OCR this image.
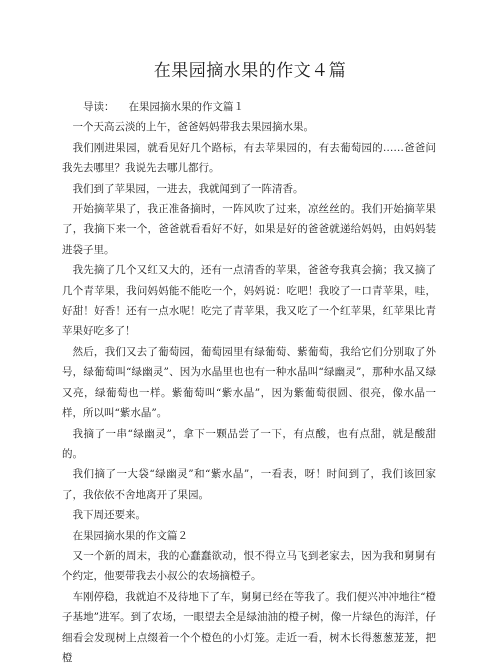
在果园摘水果的作文４篇

导读： 在果园摘水果的作文篇１

一个天高云淡的上午，爸爸妈妈带我去果园摘水果。

我们刚进果园，就看见好几个路标，有去苹果园的，有去葡萄园的……爸爸问我先去哪里？我说先去哪儿都行。

我们到了苹果园，一进去，我就闻到了一阵清香。

开始摘苹果了，我正准备摘时，一阵风吹了过来，凉丝丝的。我们开始摘苹果了，我摘下来一个，爸爸就看看好不好，如果是好的爸爸就递给妈妈，由妈妈装进袋子里。

我先摘了几个又红又大的，还有一点清香的苹果，爸爸夸我真会摘；我又摘了几个青苹果，我问妈妈能不能吃一个，妈妈说：吃吧！我咬了一口青苹果，哇，好甜！好香！还有一点水呢！吃完了青苹果，我又吃了一个红苹果，红苹果比青苹果好吃多了！

然后，我们又去了葡萄园，葡萄园里有绿葡萄、紫葡萄，我给它们分别取了外号，绿葡萄叫“绿幽灵”、因为水晶里也也有一种水晶叫“绿幽灵”，那种水晶又绿又亮，绿葡萄也一样。紫葡萄叫“紫水晶”，因为紫葡萄很圆、很亮，像水晶一样，所以叫“紫水晶”。

我摘了一串“绿幽灵”，拿下一颗品尝了一下，有点酸，也有点甜，就是酸甜的。

我们摘了一大袋“绿幽灵”和“紫水晶”，一看表，呀！时间到了，我们该回家了，我依依不舍地离开了果园。

我下周还要来。

在果园摘水果的作文篇２

又一个新的周末，我的心蠢蠢欲动，恨不得立马飞到老家去，因为我和舅舅有个约定，他要带我去小叔公的农场摘橙子。

车刚停稳，我就迫不及待地下了车，舅舅已经在等我了。我们便兴冲冲地往“橙子基地”进军。到了农场，一眼望去全是绿油油的橙子树，像一片绿色的海洋，仔细看会发现树上点缀着一个个橙色的小灯笼。走近一看，树木长得葱葱茏茏，把橙
